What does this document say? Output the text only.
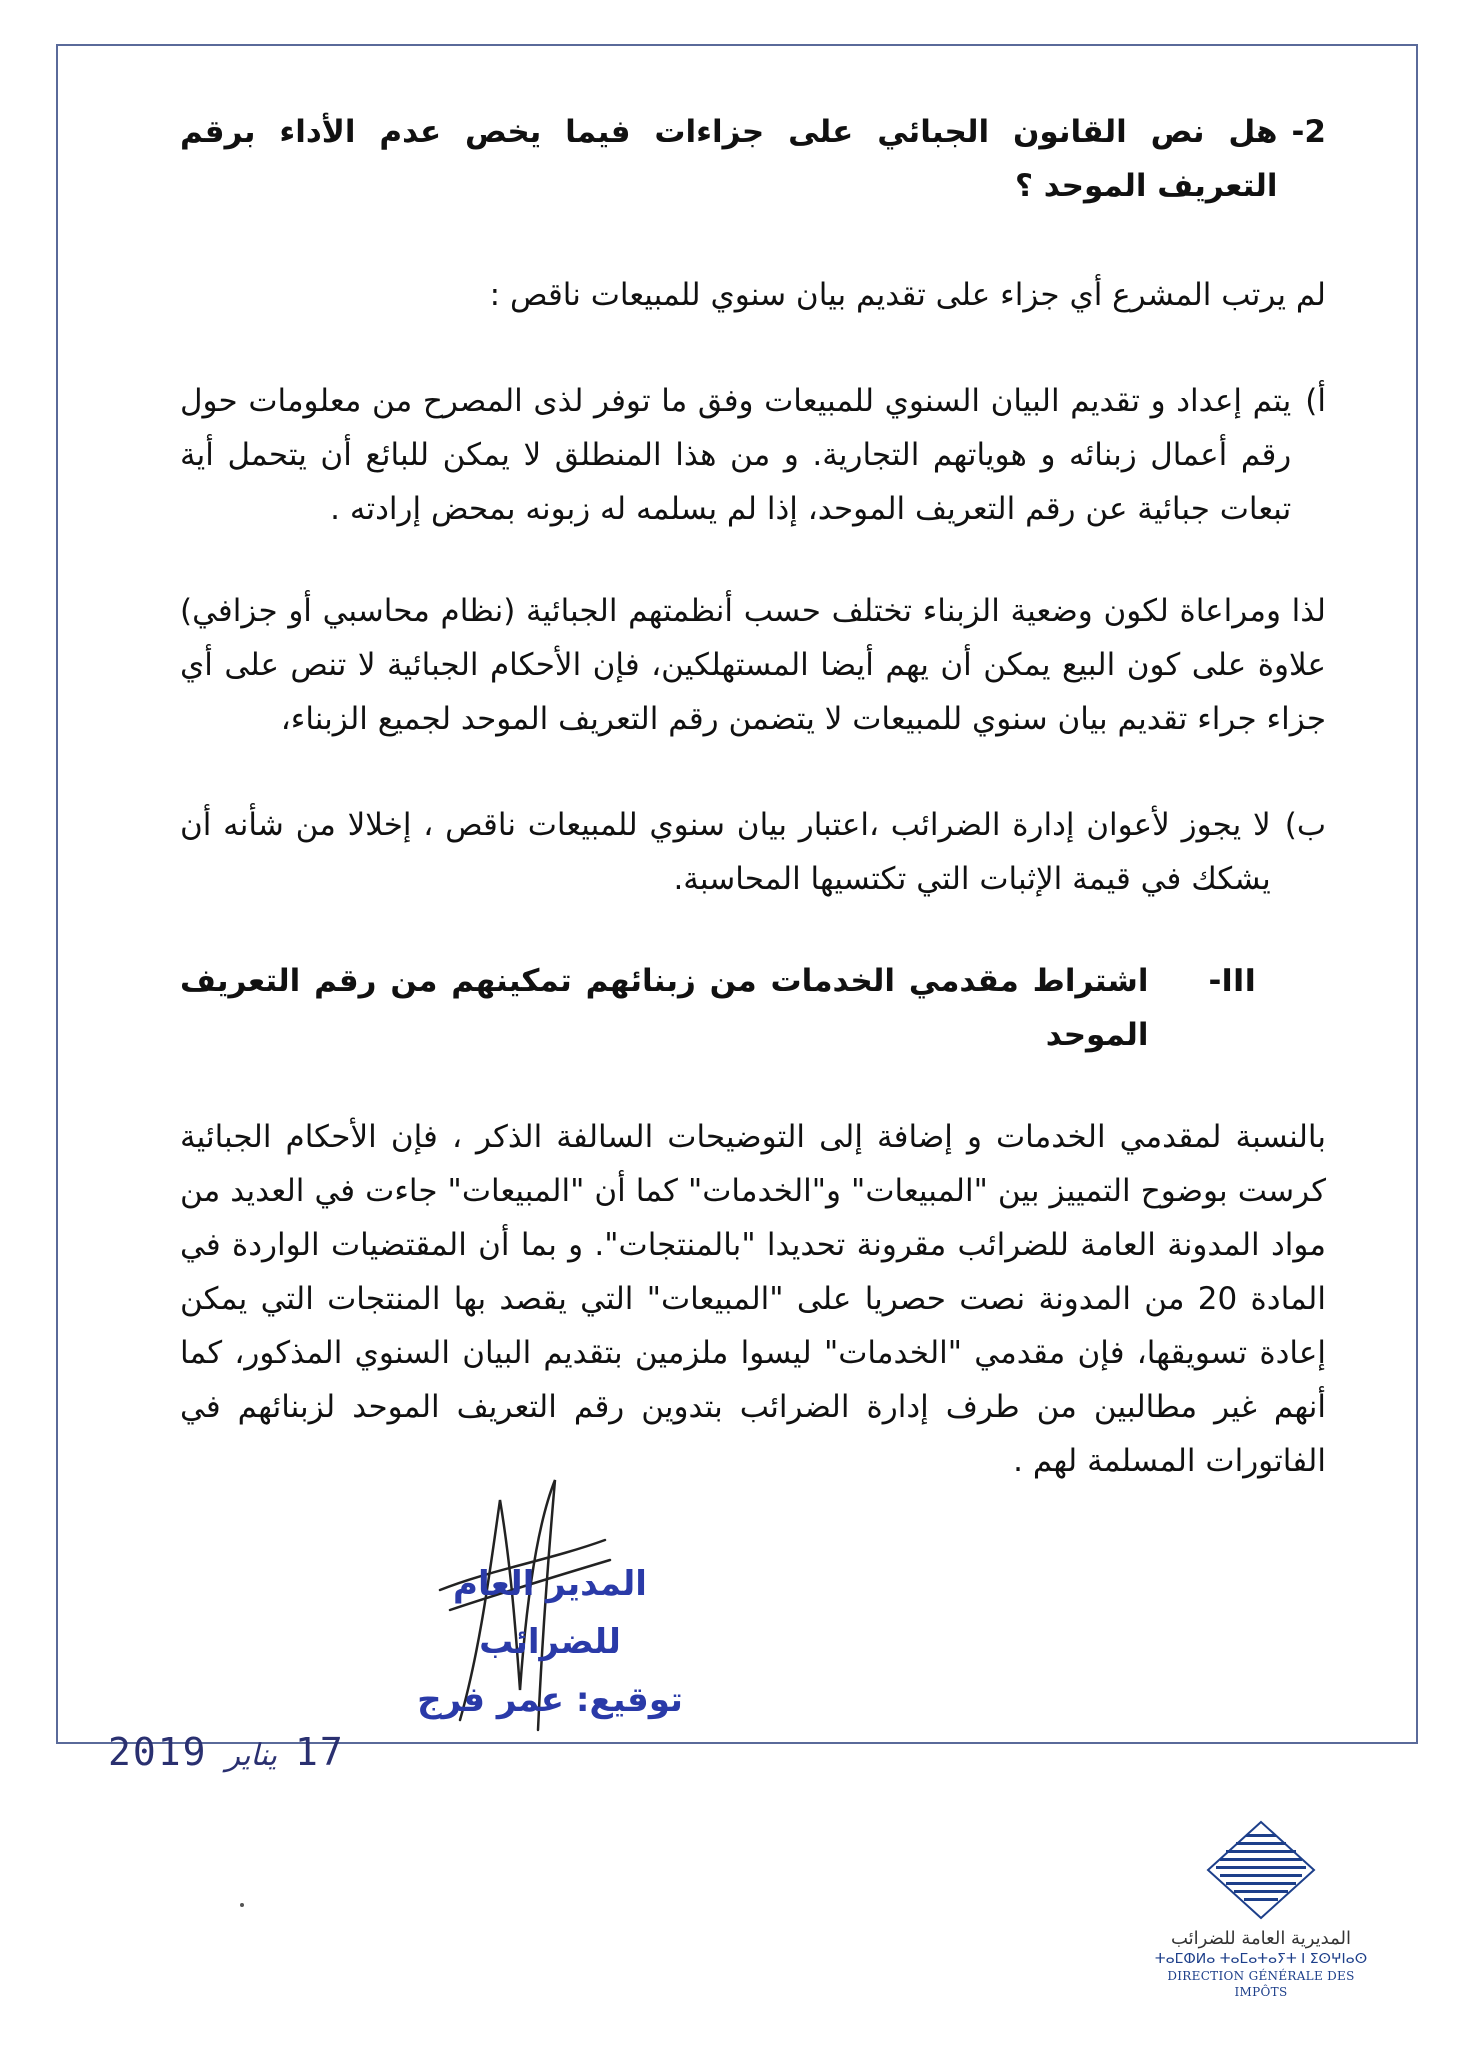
2-
هل نص القانون الجبائي على جزاءات فيما يخص عدم الأداء برقم التعريف الموحد ؟

لم يرتب المشرع أي جزاء على تقديم بيان سنوي للمبيعات ناقص :

أ)
يتم إعداد و تقديم البيان السنوي للمبيعات وفق ما توفر لذى المصرح من معلومات حول رقم أعمال زبنائه و هوياتهم التجارية. و من هذا المنطلق لا يمكن للبائع أن يتحمل أية تبعات جبائية عن رقم التعريف الموحد، إذا لم يسلمه له زبونه بمحض إرادته .

لذا ومراعاة لكون وضعية الزبناء تختلف حسب أنظمتهم الجبائية (نظام محاسبي أو جزافي) علاوة على كون البيع يمكن أن يهم أيضا المستهلكين، فإن الأحكام الجبائية لا تنص على أي جزاء جراء تقديم بيان سنوي للمبيعات لا يتضمن رقم التعريف الموحد لجميع الزبناء،

ب)
لا يجوز لأعوان إدارة الضرائب ،اعتبار بيان سنوي للمبيعات ناقص ، إخلالا من شأنه أن يشكك في قيمة الإثبات التي تكتسيها المحاسبة.
III-
اشتراط مقدمي الخدمات من زبنائهم تمكينهم من رقم التعريف الموحد

بالنسبة لمقدمي الخدمات و إضافة إلى التوضيحات السالفة الذكر ، فإن الأحكام الجبائية كرست بوضوح التمييز بين "المبيعات" و"الخدمات" كما أن "المبيعات" جاءت في العديد من مواد المدونة العامة للضرائب مقرونة تحديدا "بالمنتجات". و بما أن المقتضيات الواردة في المادة 20 من المدونة نصت حصريا على "المبيعات" التي يقصد بها المنتجات التي يمكن إعادة تسويقها، فإن مقدمي "الخدمات" ليسوا ملزمين بتقديم البيان السنوي المذكور، كما أنهم غير مطالبين من طرف إدارة الضرائب بتدوين رقم التعريف الموحد لزبنائهم في الفاتورات المسلمة لهم .

المدير العام للضرائب
توقيع: عمر فرج
2019 يناير 17
المديرية العامة للضرائب
ⵜⴰⵎⵀⵍⴰ ⵜⴰⵎⴰⵜⴰⵢⵜ ⵏ ⵉⵙⵖⵏⴰⵙ
DIRECTION GÉNÉRALE DES IMPÔTS
